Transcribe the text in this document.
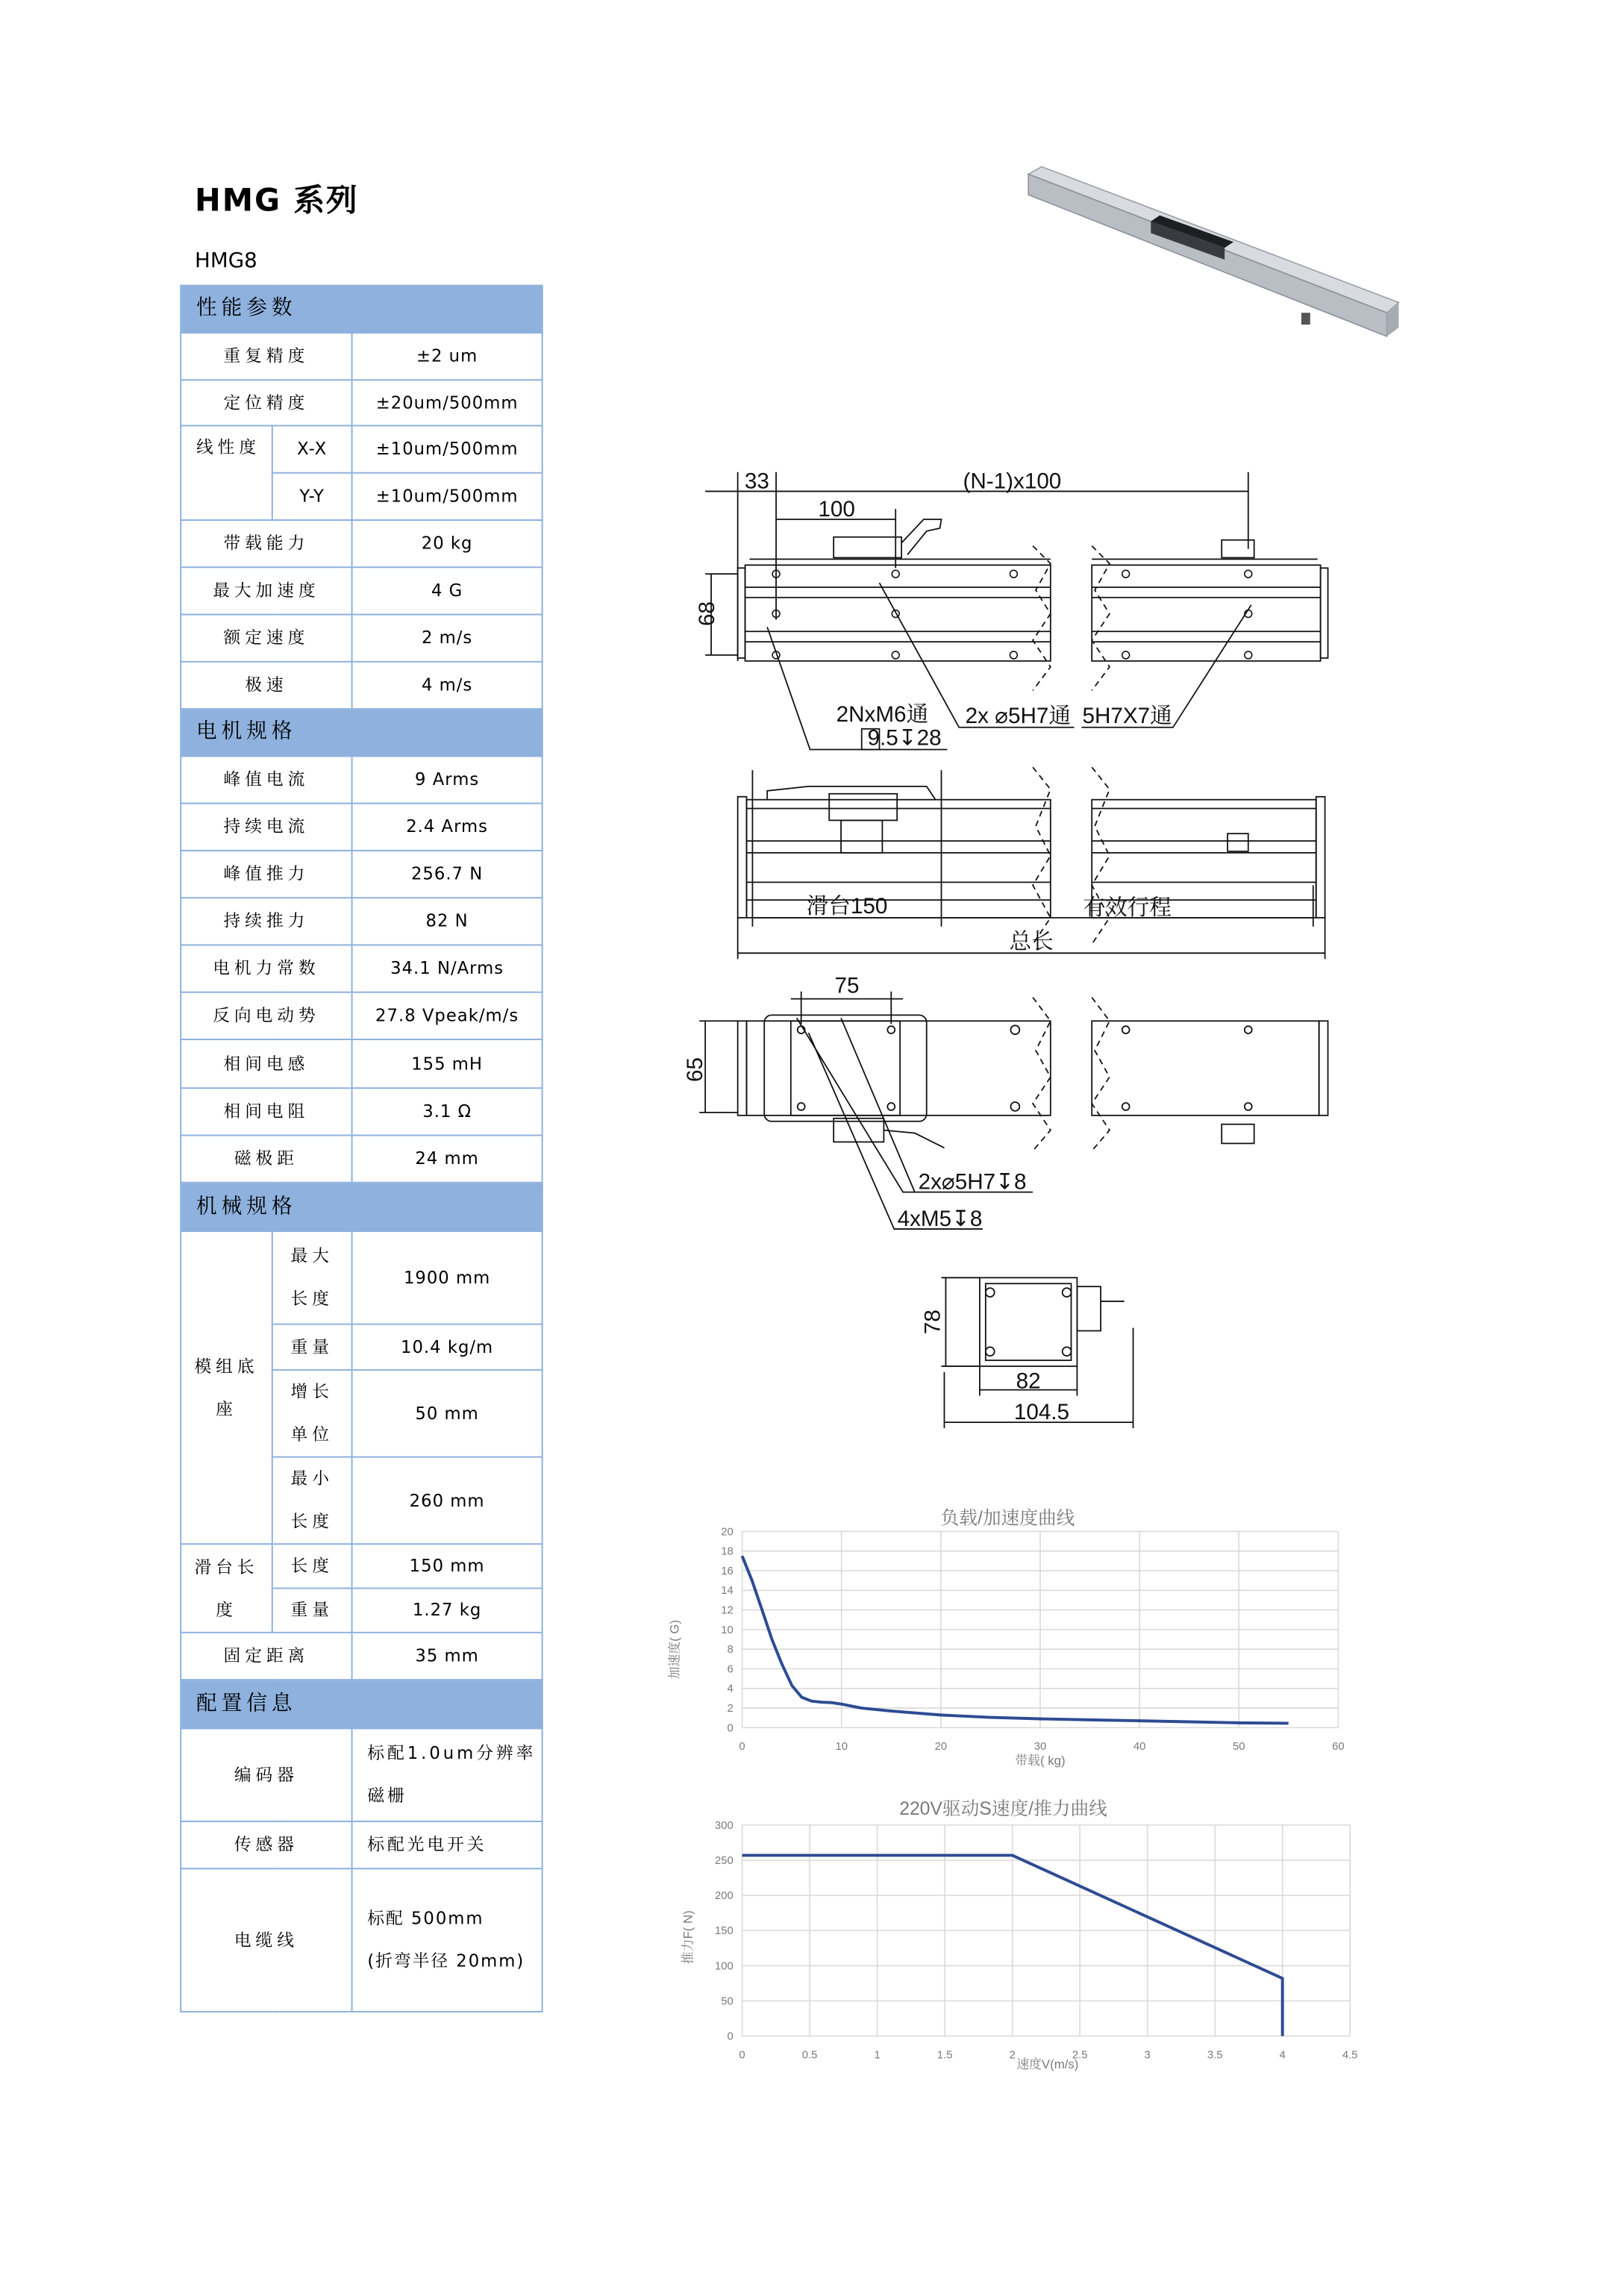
HMG 系列
HMG8
性能参数		
重复精度		±2 um
定位精度		±20um/500mm
线性度	X-X	±10um/500mm
	Y-Y	±10um/500mm
带载能力		20 kg
最大加速度		4 G
额定速度		2 m/s
极速		4 m/s
电机规格		
峰值电流		9 Arms
持续电流		2.4 Arms
峰值推力		256.7 N
持续推力		82 N
电机力常数		34.1 N/Arms
反向电动势		27.8 Vpeak/m/s
相间电感		155 mH
相间电阻		3.1 Ω
磁极距		24 mm
机械规格		
模组底座	最大长度	1900 mm
	重量	10.4 kg/m
	增长单位	50 mm
	最小长度	260 mm
滑台长度	长度	150 mm
	重量	1.27 kg
固定距离		35 mm
配置信息		
编码器		标配1.0um分辨率磁栅
传感器		标配光电开关
电缆线		标配 500mm
(折弯半径 20mm)
33	(N-1)x100
100
68
2NxM6通
9.5↧28
2x ⌀5H7通 5H7X7通
滑台150	有效行程
总长
75
65
2x⌀5H7↧8
4xM5↧8
78
82
104.5
负载/加速度曲线
带载( kg)
加速度( G)
0
2
4
6
8
10
12
14
16
18
20
0	10	20	30	40	50	60
220V驱动S速度/推力曲线
速度V(m/s)
推力F( N)
0
50
100
150
200
250
300
0	0.5	1	1.5	2	2.5	3	3.5	4	4.5
